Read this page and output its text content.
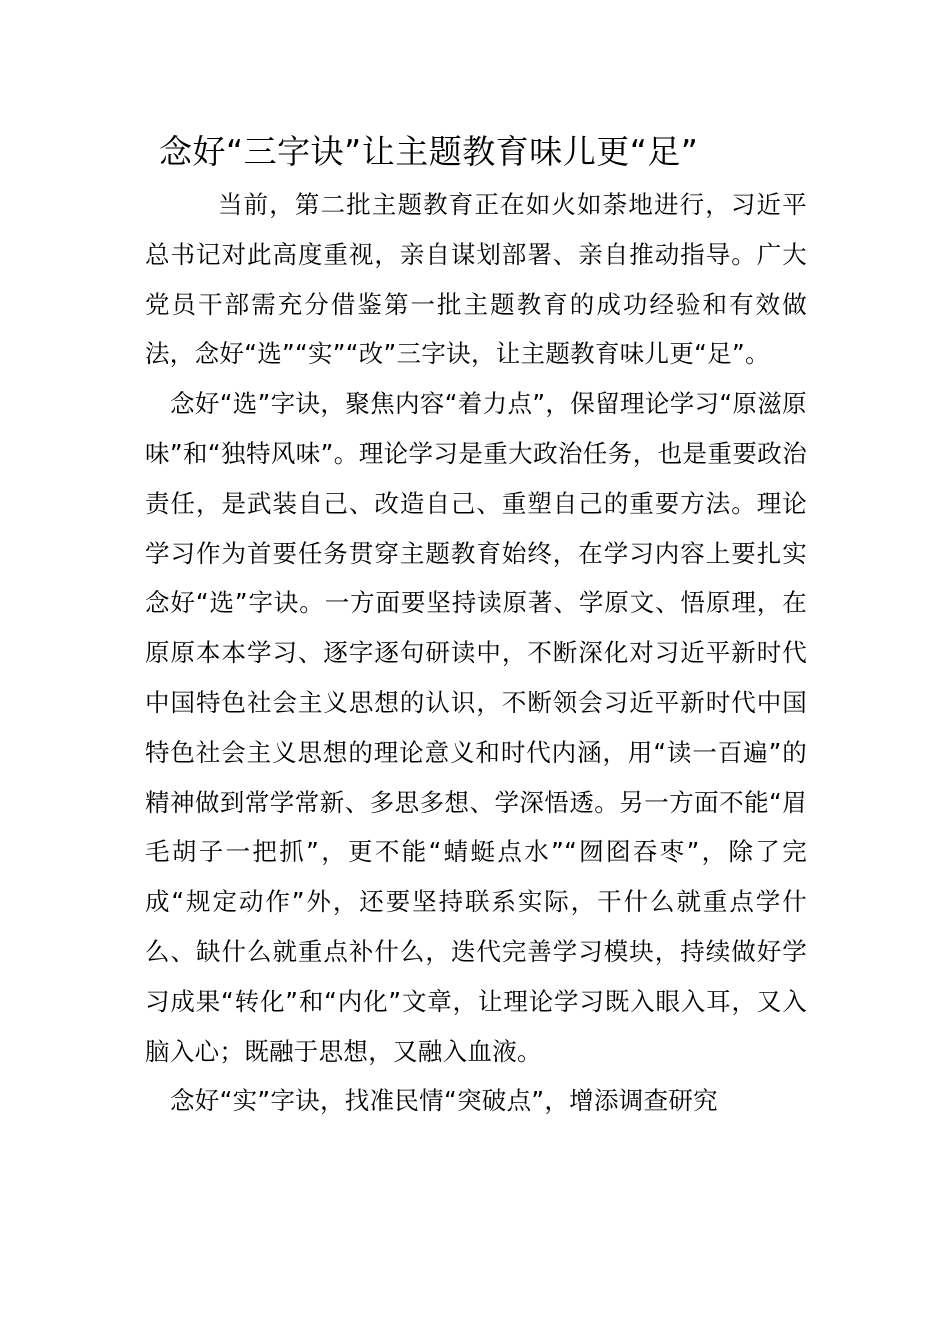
念好“三字诀”让主题教育味儿更“足”

当前，第二批主题教育正在如火如荼地进行，习近平总书记对此高度重视，亲自谋划部署、亲自推动指导。广大党员干部需充分借鉴第一批主题教育的成功经验和有效做法，念好“选”“实”“改”三字诀，让主题教育味儿更“足”。

念好“选”字诀，聚焦内容“着力点”，保留理论学习“原滋原味”和“独特风味”。理论学习是重大政治任务，也是重要政治责任，是武装自己、改造自己、重塑自己的重要方法。理论学习作为首要任务贯穿主题教育始终，在学习内容上要扎实念好“选”字诀。一方面要坚持读原著、学原文、悟原理，在原原本本学习、逐字逐句研读中，不断深化对习近平新时代中国特色社会主义思想的认识，不断领会习近平新时代中国特色社会主义思想的理论意义和时代内涵，用“读一百遍”的精神做到常学常新、多思多想、学深悟透。另一方面不能“眉毛胡子一把抓”，更不能“蜻蜓点水”“囫囵吞枣”，除了完成“规定动作”外，还要坚持联系实际，干什么就重点学什么、缺什么就重点补什么，迭代完善学习模块，持续做好学习成果“转化”和“内化”文章，让理论学习既入眼入耳，又入脑入心；既融于思想，又融入血液。

念好“实”字诀，找准民情“突破点”，增添调查研究
